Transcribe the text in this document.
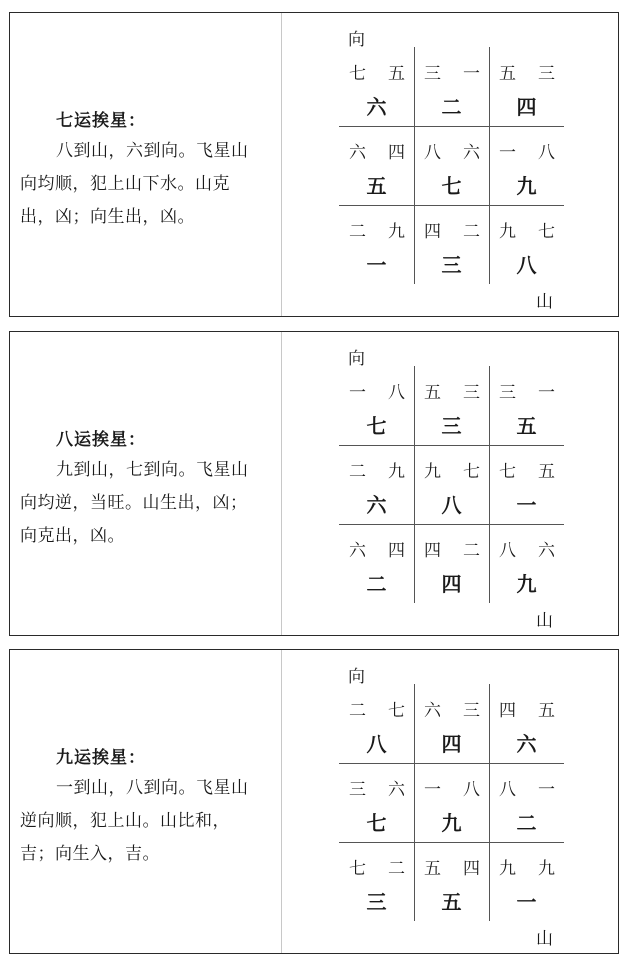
七运挨星：
八到山，六到向。飞星山
向均顺，犯上山下水。山克
出，凶；向生出，凶。
向
山
七 五
六
三 一
二
五 三
四
六 四
五
八 六
七
一 八
九
二 九
一
四 二
三
九 七
八
八运挨星：
九到山，七到向。飞星山
向均逆，当旺。山生出，凶；
向克出，凶。
向
山
一 八
七
五 三
三
三 一
五
二 九
六
九 七
八
七 五
一
六 四
二
四 二
四
八 六
九
九运挨星：
一到山，八到向。飞星山
逆向顺，犯上山。山比和，
吉；向生入，吉。
向
山
二 七
八
六 三
四
四 五
六
三 六
七
一 八
九
八 一
二
七 二
三
五 四
五
九 九
一
